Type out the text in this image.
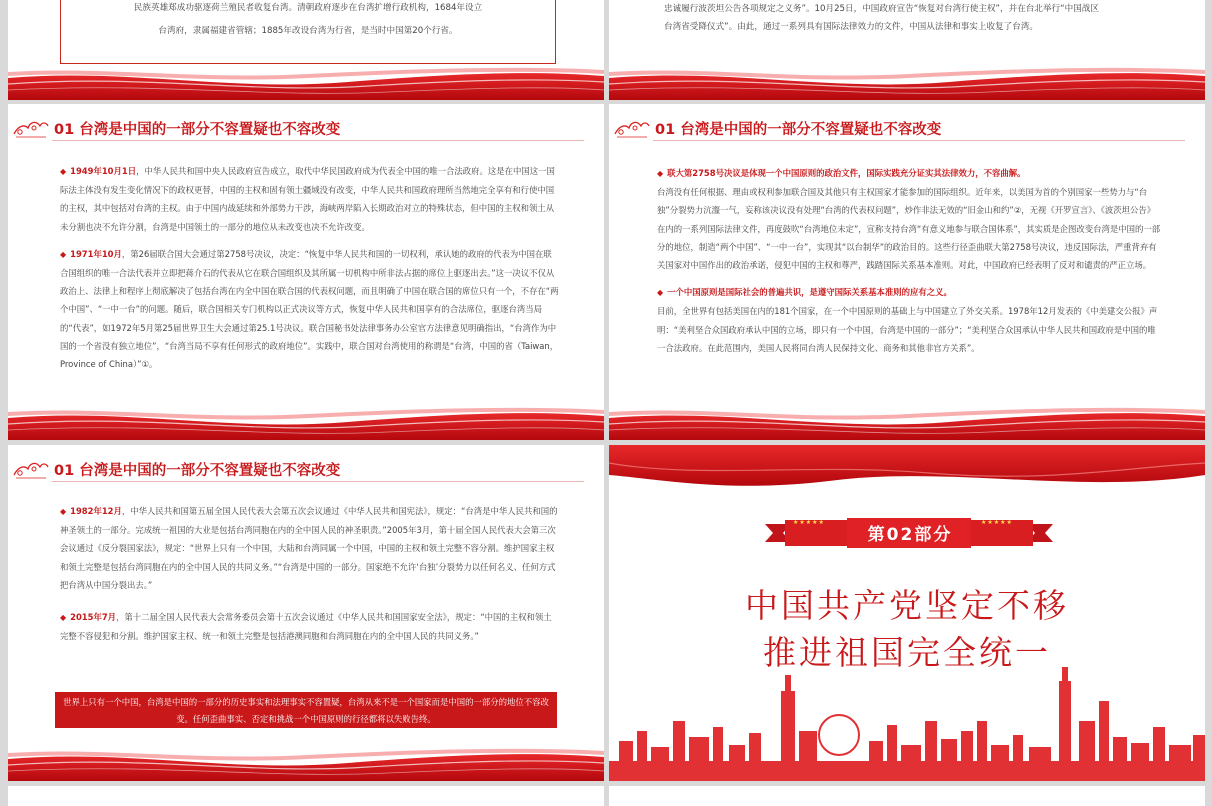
民族英雄郑成功驱逐荷兰殖民者收复台湾。清朝政府逐步在台湾扩增行政机构，1684年设立
台湾府，隶属福建省管辖；1885年改设台湾为行省，是当时中国第20个行省。
忠诚履行波茨坦公告各项规定之义务”。10月25日，中国政府宣告“恢复对台湾行使主权”，并在台北举行“中国战区
台湾省受降仪式”。由此，通过一系列具有国际法律效力的文件，中国从法律和事实上收复了台湾。
01 台湾是中国的一部分不容置疑也不容改变

◆ 1949年10月1日，中华人民共和国中央人民政府宣告成立，取代中华民国政府成为代表全中国的唯一合法政府。这是在中国这一国际法主体没有发生变化情况下的政权更替，中国的主权和固有领土疆域没有改变，中华人民共和国政府理所当然地完全享有和行使中国的主权，其中包括对台湾的主权。由于中国内战延续和外部势力干涉，海峡两岸陷入长期政治对立的特殊状态，但中国的主权和领土从未分割也决不允许分割，台湾是中国领土的一部分的地位从未改变也决不允许改变。

◆ 1971年10月，第26届联合国大会通过第2758号决议，决定：“恢复中华人民共和国的一切权利，承认她的政府的代表为中国在联合国组织的唯一合法代表并立即把蒋介石的代表从它在联合国组织及其所属一切机构中所非法占据的席位上驱逐出去。”这一决议不仅从政治上、法律上和程序上彻底解决了包括台湾在内全中国在联合国的代表权问题，而且明确了中国在联合国的席位只有一个，不存在“两个中国”、“一中一台”的问题。随后，联合国相关专门机构以正式决议等方式，恢复中华人民共和国享有的合法席位，驱逐台湾当局的“代表”，如1972年5月第25届世界卫生大会通过第25.1号决议。联合国秘书处法律事务办公室官方法律意见明确指出，“台湾作为中国的一个省没有独立地位”，“台湾当局不享有任何形式的政府地位”。实践中，联合国对台湾使用的称谓是“台湾，中国的省（Taiwan，Province of China）”①。

01 台湾是中国的一部分不容置疑也不容改变

◆ 联大第2758号决议是体现一个中国原则的政治文件，国际实践充分证实其法律效力，不容曲解。

台湾没有任何根据、理由或权利参加联合国及其他只有主权国家才能参加的国际组织。近年来，以美国为首的个别国家一些势力与“台独”分裂势力沆瀣一气，妄称该决议没有处理“台湾的代表权问题”，炒作非法无效的“旧金山和约”②，无视《开罗宣言》、《波茨坦公告》在内的一系列国际法律文件，再度鼓吹“台湾地位未定”，宣称支持台湾“有意义地参与联合国体系”，其实质是企图改变台湾是中国的一部分的地位，制造“两个中国”、“一中一台”，实现其“以台制华”的政治目的。这些行径歪曲联大第2758号决议，违反国际法，严重背弃有关国家对中国作出的政治承诺，侵犯中国的主权和尊严，践踏国际关系基本准则。对此，中国政府已经表明了反对和谴责的严正立场。

◆ 一个中国原则是国际社会的普遍共识，是遵守国际关系基本准则的应有之义。

目前，全世界有包括美国在内的181个国家，在一个中国原则的基础上与中国建立了外交关系。1978年12月发表的《中美建交公报》声明：“美利坚合众国政府承认中国的立场，即只有一个中国，台湾是中国的一部分”；“美利坚合众国承认中华人民共和国政府是中国的唯一合法政府。在此范围内，美国人民将同台湾人民保持文化、商务和其他非官方关系”。

01 台湾是中国的一部分不容置疑也不容改变

◆ 1982年12月，中华人民共和国第五届全国人民代表大会第五次会议通过《中华人民共和国宪法》，规定：“台湾是中华人民共和国的神圣领土的一部分。完成统一祖国的大业是包括台湾同胞在内的全中国人民的神圣职责。”2005年3月，第十届全国人民代表大会第三次会议通过《反分裂国家法》，规定：“世界上只有一个中国，大陆和台湾同属一个中国，中国的主权和领土完整不容分割。维护国家主权和领土完整是包括台湾同胞在内的全中国人民的共同义务。”“台湾是中国的一部分。国家绝不允许‘台独’分裂势力以任何名义、任何方式把台湾从中国分裂出去。”

◆ 2015年7月，第十二届全国人民代表大会常务委员会第十五次会议通过《中华人民共和国国家安全法》，规定：“中国的主权和领土完整不容侵犯和分割。维护国家主权、统一和领土完整是包括港澳同胞和台湾同胞在内的全中国人民的共同义务。”

世界上只有一个中国，台湾是中国的一部分的历史事实和法理事实不容置疑，台湾从来不是一个国家而是中国的一部分的地位不容改变。任何歪曲事实、否定和挑战一个中国原则的行径都将以失败告终。
★★★★★	★★★★★
第02部分
中国共产党坚定不移
推进祖国完全统一
